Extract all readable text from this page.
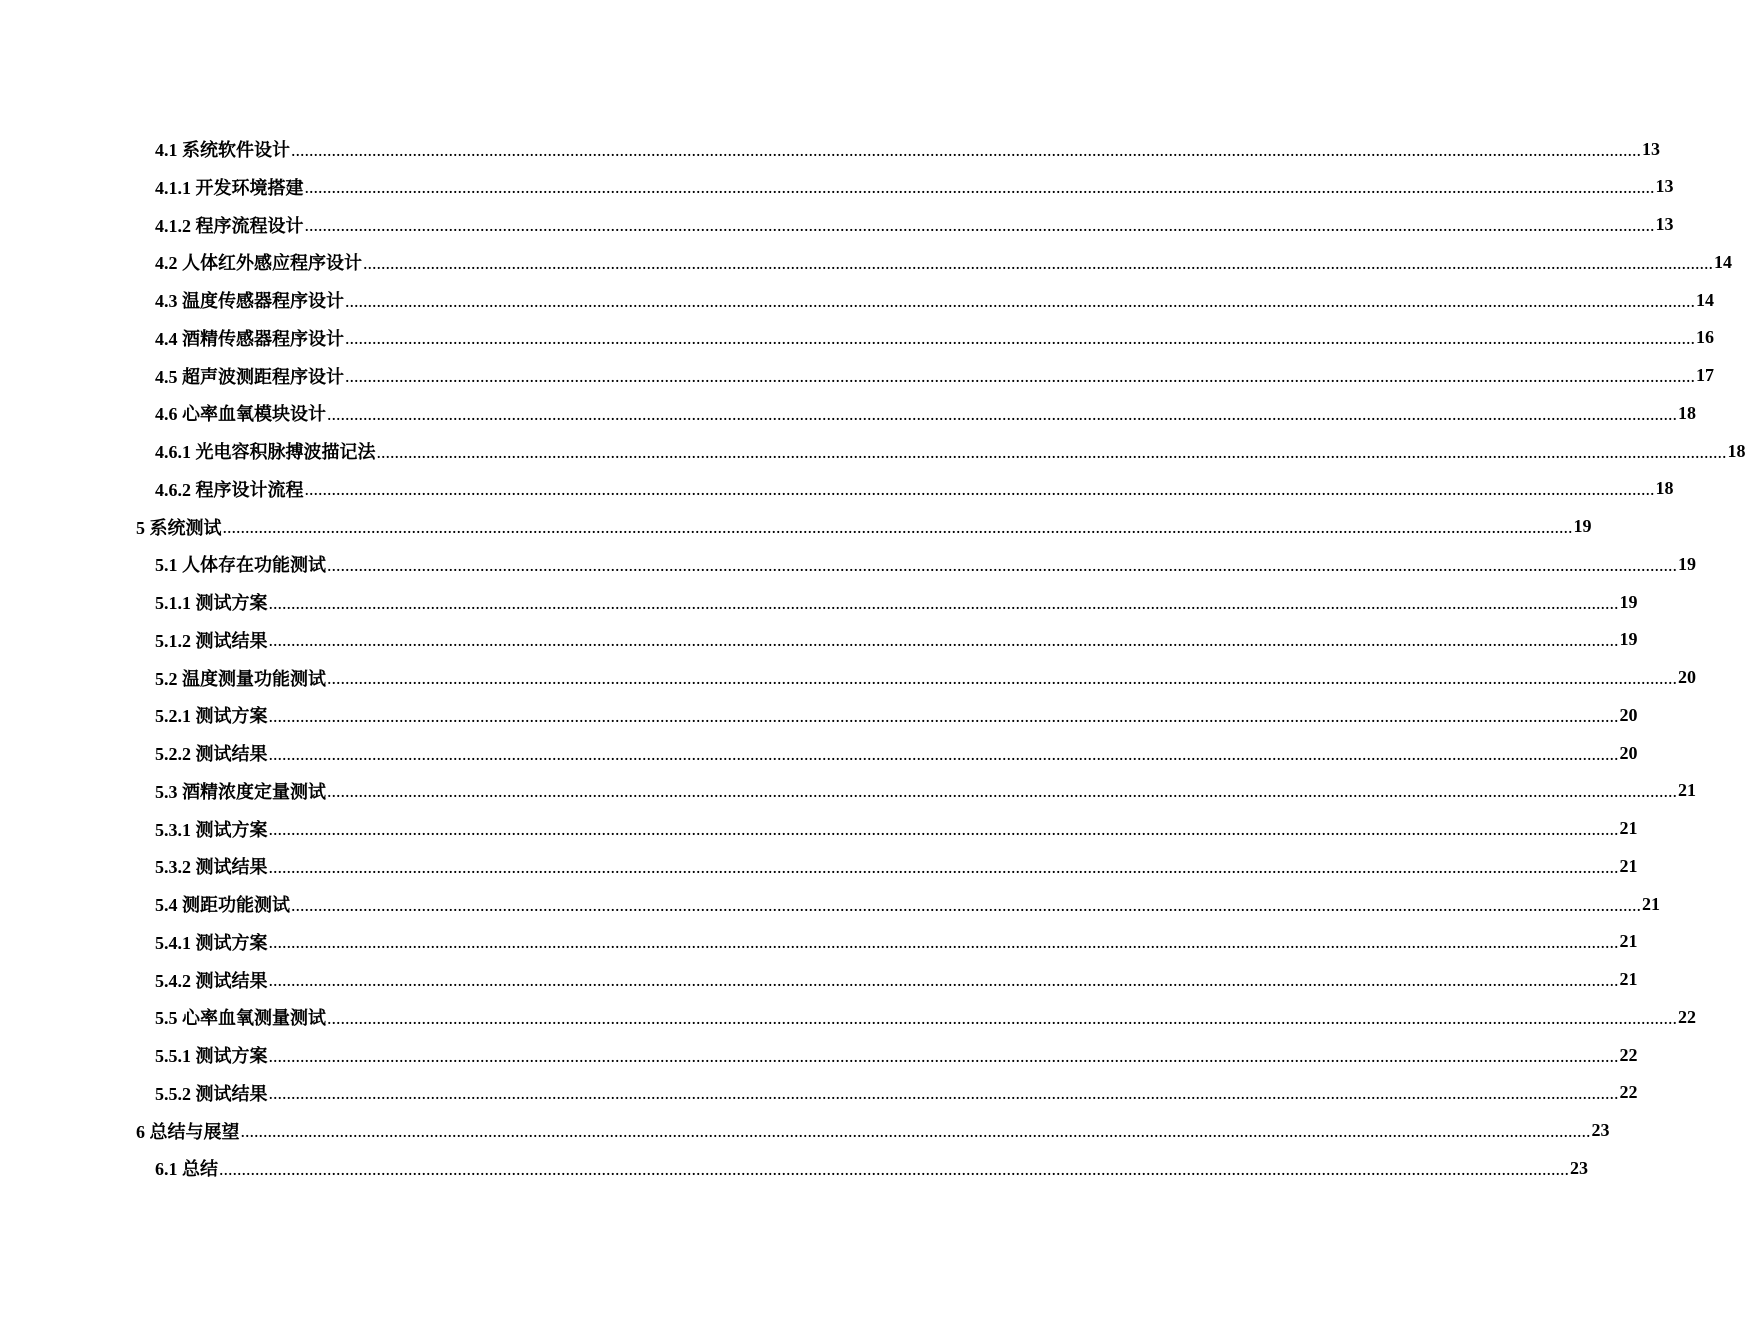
4.1 系统软件设计 ............................................................................................................................................................................................................................................................................................................ 13
4.1.1 开发环境搭建 ............................................................................................................................................................................................................................................................................................................ 13
4.1.2 程序流程设计 ............................................................................................................................................................................................................................................................................................................ 13
4.2 人体红外感应程序设计 ............................................................................................................................................................................................................................................................................................................ 14
4.3 温度传感器程序设计 ............................................................................................................................................................................................................................................................................................................ 14
4.4 酒精传感器程序设计 ............................................................................................................................................................................................................................................................................................................ 16
4.5 超声波测距程序设计 ............................................................................................................................................................................................................................................................................................................ 17
4.6 心率血氧模块设计 ............................................................................................................................................................................................................................................................................................................ 18
4.6.1 光电容积脉搏波描记法 ............................................................................................................................................................................................................................................................................................................ 18
4.6.2 程序设计流程 ............................................................................................................................................................................................................................................................................................................ 18
5 系统测试 ............................................................................................................................................................................................................................................................................................................ 19
5.1 人体存在功能测试 ............................................................................................................................................................................................................................................................................................................ 19
5.1.1 测试方案 ............................................................................................................................................................................................................................................................................................................ 19
5.1.2 测试结果 ............................................................................................................................................................................................................................................................................................................ 19
5.2 温度测量功能测试 ............................................................................................................................................................................................................................................................................................................ 20
5.2.1 测试方案 ............................................................................................................................................................................................................................................................................................................ 20
5.2.2 测试结果 ............................................................................................................................................................................................................................................................................................................ 20
5.3 酒精浓度定量测试 ............................................................................................................................................................................................................................................................................................................ 21
5.3.1 测试方案 ............................................................................................................................................................................................................................................................................................................ 21
5.3.2 测试结果 ............................................................................................................................................................................................................................................................................................................ 21
5.4 测距功能测试 ............................................................................................................................................................................................................................................................................................................ 21
5.4.1 测试方案 ............................................................................................................................................................................................................................................................................................................ 21
5.4.2 测试结果 ............................................................................................................................................................................................................................................................................................................ 21
5.5 心率血氧测量测试 ............................................................................................................................................................................................................................................................................................................ 22
5.5.1 测试方案 ............................................................................................................................................................................................................................................................................................................ 22
5.5.2 测试结果 ............................................................................................................................................................................................................................................................................................................ 22
6 总结与展望 ............................................................................................................................................................................................................................................................................................................ 23
6.1 总结 ............................................................................................................................................................................................................................................................................................................ 23
